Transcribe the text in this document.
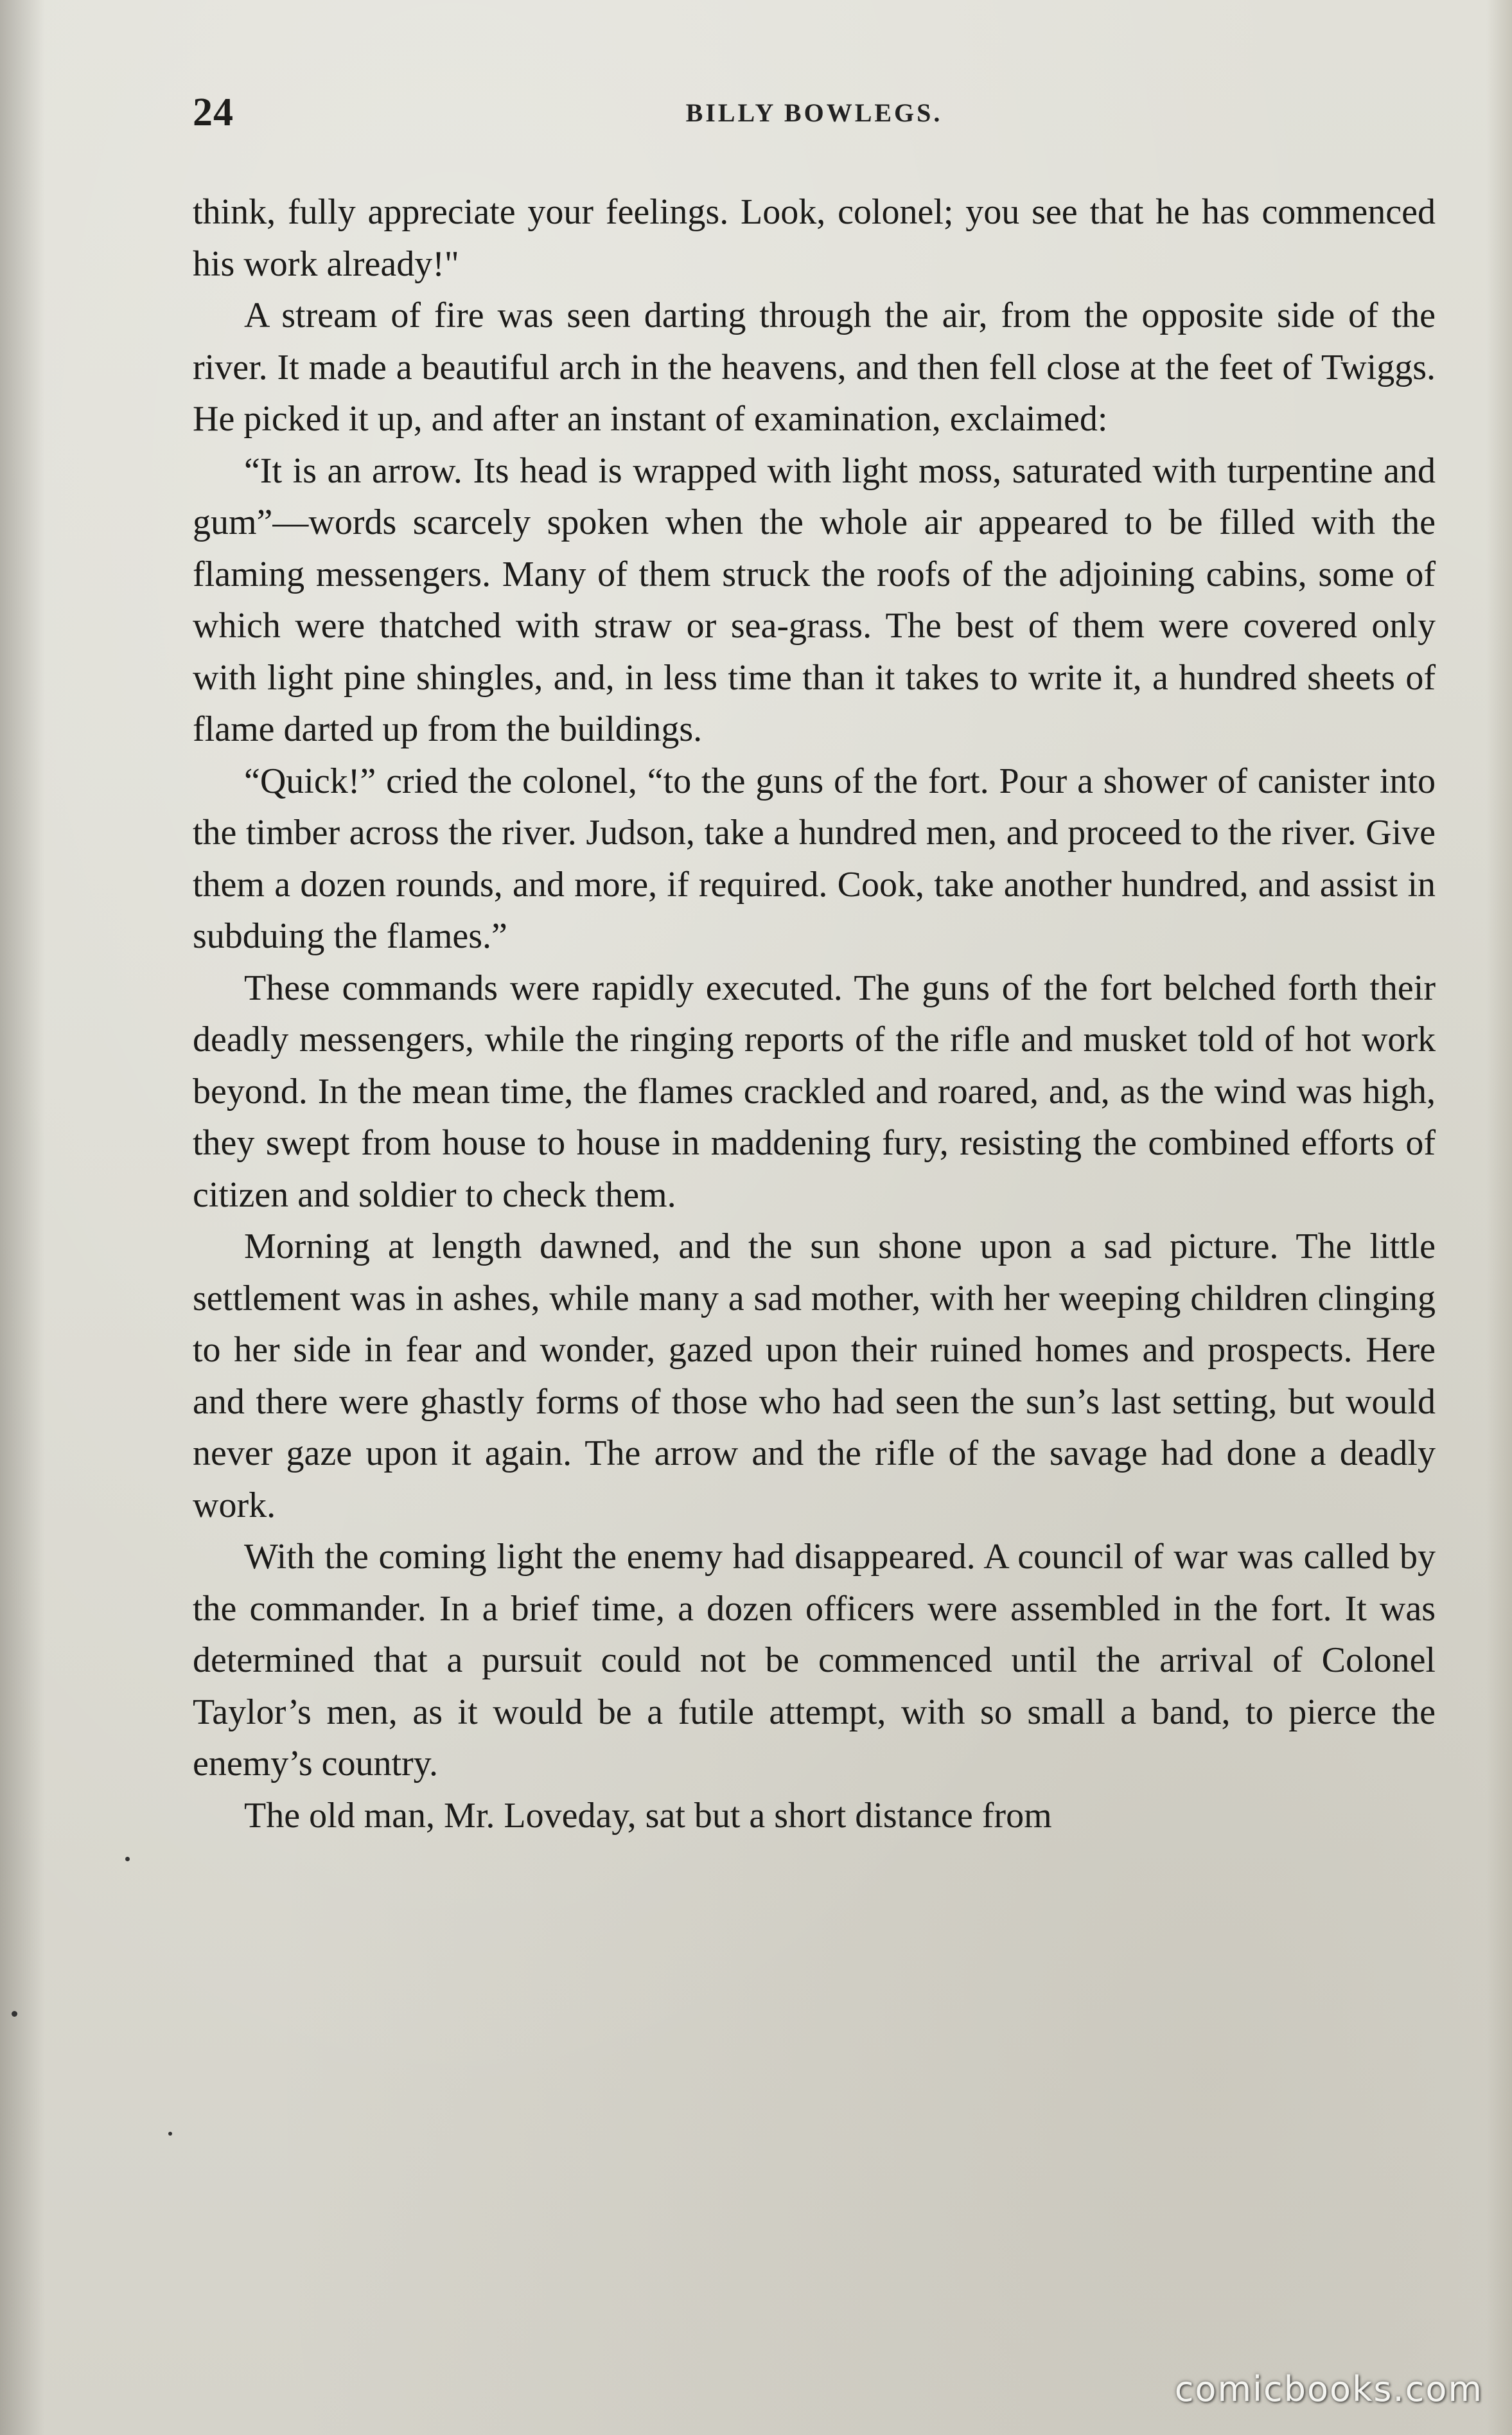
24	BILLY BOWLEGS.

think, fully appreciate your feelings. Look, colonel; you see that he has commenced his work already!"

A stream of fire was seen darting through the air, from the opposite side of the river. It made a beautiful arch in the heavens, and then fell close at the feet of Twiggs. He picked it up, and after an instant of examination, exclaimed:

“It is an arrow. Its head is wrapped with light moss, saturated with turpentine and gum”—words scarcely spoken when the whole air appeared to be filled with the flaming messengers. Many of them struck the roofs of the adjoining cabins, some of which were thatched with straw or sea-grass. The best of them were covered only with light pine shingles, and, in less time than it takes to write it, a hundred sheets of flame darted up from the buildings.

“Quick!” cried the colonel, “to the guns of the fort. Pour a shower of canister into the timber across the river. Judson, take a hundred men, and proceed to the river. Give them a dozen rounds, and more, if required. Cook, take another hundred, and assist in subduing the flames.”

These commands were rapidly executed. The guns of the fort belched forth their deadly messengers, while the ringing reports of the rifle and musket told of hot work beyond. In the mean time, the flames crackled and roared, and, as the wind was high, they swept from house to house in maddening fury, resisting the combined efforts of citizen and soldier to check them.

Morning at length dawned, and the sun shone upon a sad picture. The little settlement was in ashes, while many a sad mother, with her weeping children clinging to her side in fear and wonder, gazed upon their ruined homes and prospects. Here and there were ghastly forms of those who had seen the sun’s last setting, but would never gaze upon it again. The arrow and the rifle of the savage had done a deadly work.

With the coming light the enemy had disappeared. A council of war was called by the commander. In a brief time, a dozen officers were assembled in the fort. It was determined that a pursuit could not be commenced until the arrival of Colonel Taylor’s men, as it would be a futile attempt, with so small a band, to pierce the enemy’s country.

The old man, Mr. Loveday, sat but a short distance from

comicbooks.com
